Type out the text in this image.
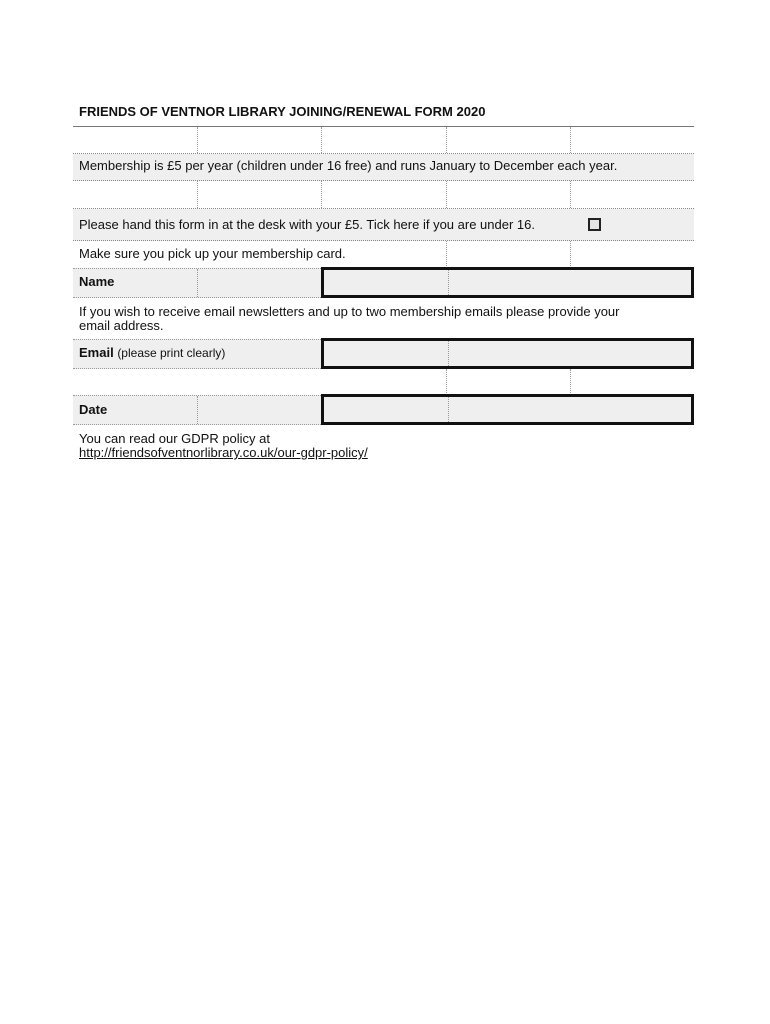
FRIENDS OF VENTNOR LIBRARY JOINING/RENEWAL FORM 2020
Membership is £5 per year (children under 16 free) and runs January to December each year.
Please hand this form in at the desk with your £5. Tick here if you are under 16.
Make sure you pick up your membership card.
Name
If you wish to receive email newsletters and up to two membership emails please provide your
email address.
Email (please print clearly)
Date
You can read our GDPR policy at
http://friendsofventnorlibrary.co.uk/our-gdpr-policy/
